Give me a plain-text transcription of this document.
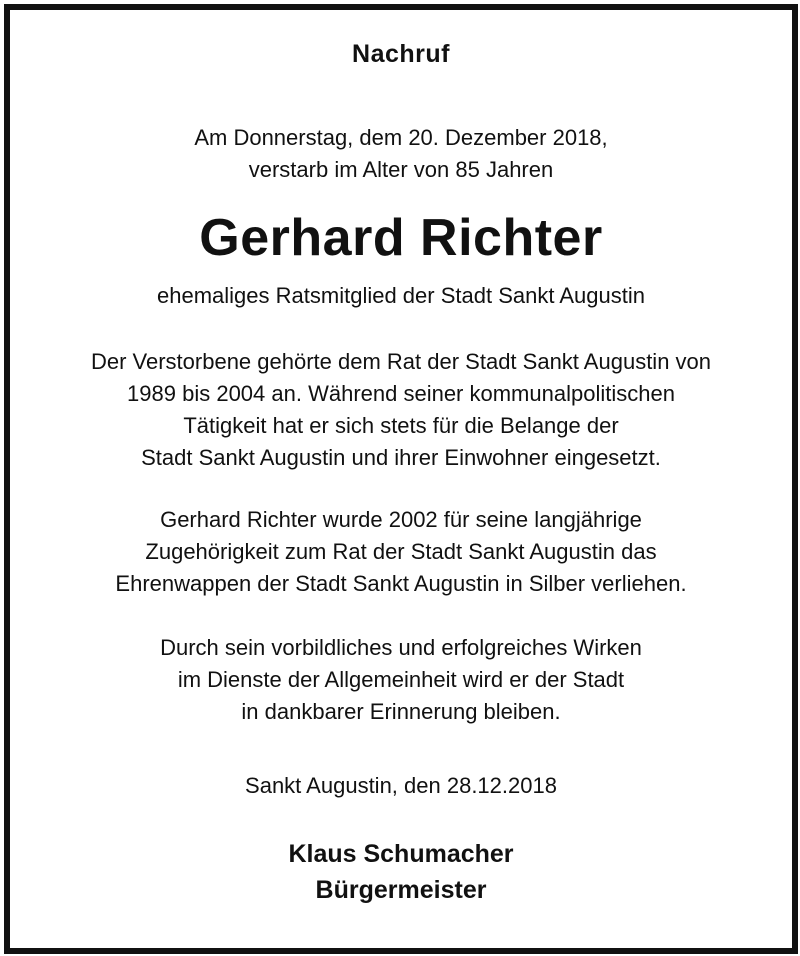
Nachruf
Am Donnerstag, dem 20. Dezember 2018,
verstarb im Alter von 85 Jahren
Gerhard Richter
ehemaliges Ratsmitglied der Stadt Sankt Augustin
Der Verstorbene gehörte dem Rat der Stadt Sankt Augustin von
1989 bis 2004 an. Während seiner kommunalpolitischen
Tätigkeit hat er sich stets für die Belange der
Stadt Sankt Augustin und ihrer Einwohner eingesetzt.
Gerhard Richter wurde 2002 für seine langjährige
Zugehörigkeit zum Rat der Stadt Sankt Augustin das
Ehrenwappen der Stadt Sankt Augustin in Silber verliehen.
Durch sein vorbildliches und erfolgreiches Wirken
im Dienste der Allgemeinheit wird er der Stadt
in dankbarer Erinnerung bleiben.
Sankt Augustin, den 28.12.2018
Klaus Schumacher
Bürgermeister
